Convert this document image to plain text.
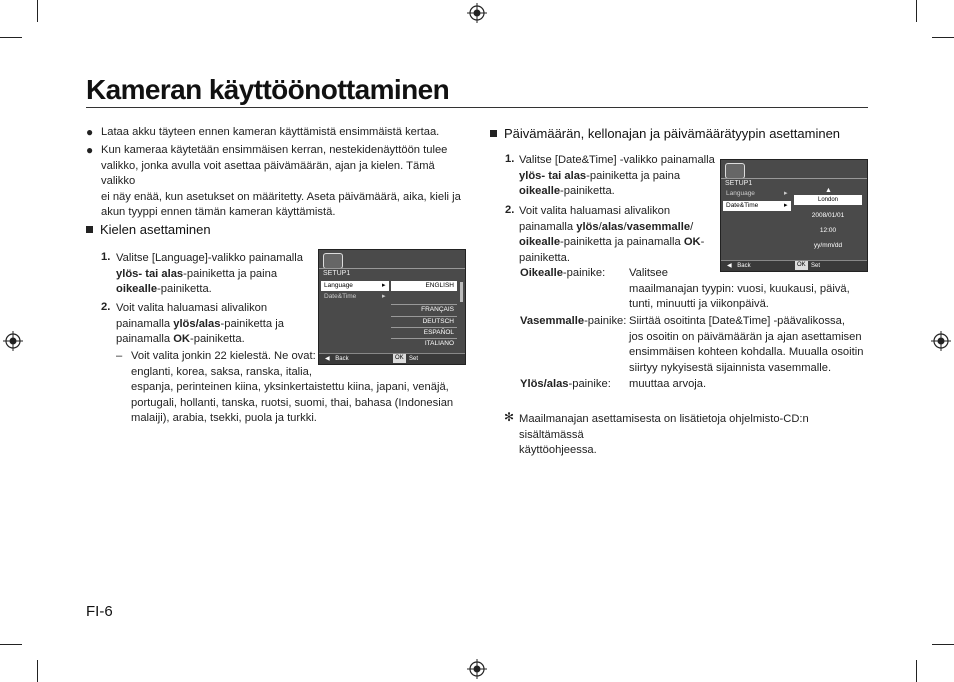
Kameran käyttöönottaminen
● Lataa akku täyteen ennen kameran käyttämistä ensimmäistä kertaa.
● Kun kameraa käytetään ensimmäisen kerran, nestekidenäyttöön tulee
valikko, jonka avulla voit asettaa päivämäärän, ajan ja kielen. Tämä valikko
ei näy enää, kun asetukset on määritetty. Aseta päivämäärä, aika, kieli ja
akun tyyppi ennen tämän kameran käyttämistä.
Kielen asettaminen
1. Valitse [Language]-valikko painamalla
ylös- tai alas-painiketta ja paina
oikealle-painiketta.
2. Voit valita haluamasi alivalikon
painamalla ylös/alas-painiketta ja
painamalla OK-painiketta.
– Voit valita jonkin 22 kielestä. Ne ovat:
englanti, korea, saksa, ranska, italia,
espanja, perinteinen kiina, yksinkertaistettu kiina, japani, venäjä,
portugali, hollanti, tanska, ruotsi, suomi, thai, bahasa (Indonesian
malaiji), arabia, tsekki, puola ja turkki.
SETUP1
Language	▸
Date&Time	▸
ENGLISH
FRANÇAIS
DEUTSCH
ESPAÑOL
ITALIANO
◀ Back	OK Set
Päivämäärän, kellonajan ja päivämäärätyypin asettaminen
1. Valitse [Date&Time] -valikko painamalla
ylös- tai alas-painiketta ja paina
oikealle-painiketta.
2. Voit valita haluamasi alivalikon
painamalla ylös/alas/vasemmalle/
oikealle-painiketta ja painamalla OK-
painiketta.
Oikealle-painike: Valitsee
maailmanajan tyypin: vuosi, kuukausi, päivä,
tunti, minuutti ja viikonpäivä.
Vasemmalle-painike: Siirtää osoitinta [Date&Time] -päävalikossa,
jos osoitin on päivämäärän ja ajan asettamisen
ensimmäisen kohteen kohdalla. Muualla osoitin
siirtyy nykyisestä sijainnista vasemmalle.
Ylös/alas-painike: muuttaa arvoja.
✻ Maailmanajan asettamisesta on lisätietoja ohjelmisto-CD:n sisältämässä
käyttöohjeessa.
SETUP1
Language	▸
Date&Time	▸
▲
London
2008/01/01
12:00
yy/mm/dd
◀ Back	OK Set
FI-6
